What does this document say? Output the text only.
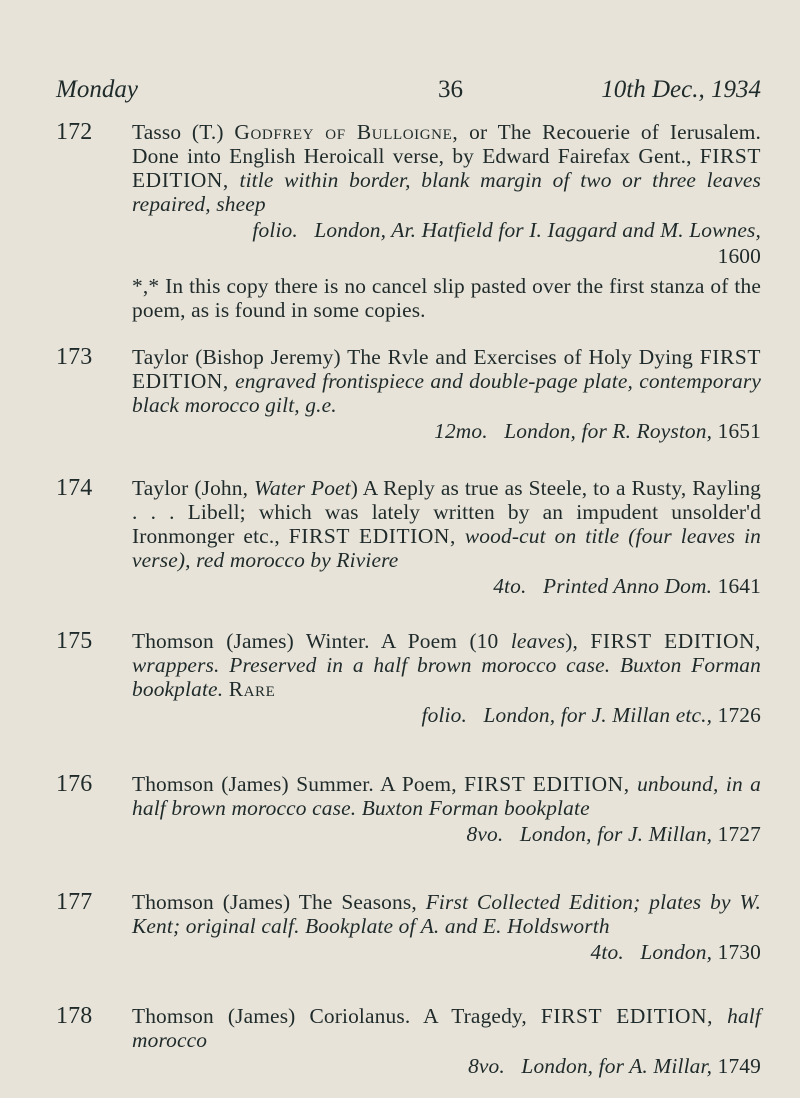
Monday	36	10th Dec., 1934
172 Tasso (T.) Godfrey of Bulloigne, or The Recouerie of Ierusalem. Done into English Heroicall verse, by Edward Fairefax Gent., FIRST EDITION, title within border, blank margin of two or three leaves repaired, sheep
folio. London, Ar. Hatfield for I. Iaggard and M. Lownes,
1600
*,* In this copy there is no cancel slip pasted over the first stanza of the poem, as is found in some copies.
173 Taylor (Bishop Jeremy) The Rvle and Exercises of Holy Dying FIRST EDITION, engraved frontispiece and double-page plate, contemporary black morocco gilt, g.e.
12mo. London, for R. Royston, 1651
174 Taylor (John, Water Poet) A Reply as true as Steele, to a Rusty, Rayling . . . Libell; which was lately written by an impudent unsolder'd Ironmonger etc., FIRST EDITION, wood-cut on title (four leaves in verse), red morocco by Riviere
4to. Printed Anno Dom. 1641
175 Thomson (James) Winter. A Poem (10 leaves), FIRST EDITION, wrappers. Preserved in a half brown morocco case. Buxton Forman bookplate. Rare
folio. London, for J. Millan etc., 1726
176 Thomson (James) Summer. A Poem, FIRST EDITION, unbound, in a half brown morocco case. Buxton Forman bookplate
8vo. London, for J. Millan, 1727
177 Thomson (James) The Seasons, First Collected Edition; plates by W. Kent; original calf. Bookplate of A. and E. Holdsworth
4to. London, 1730
178 Thomson (James) Coriolanus. A Tragedy, FIRST EDITION, half morocco
8vo. London, for A. Millar, 1749
